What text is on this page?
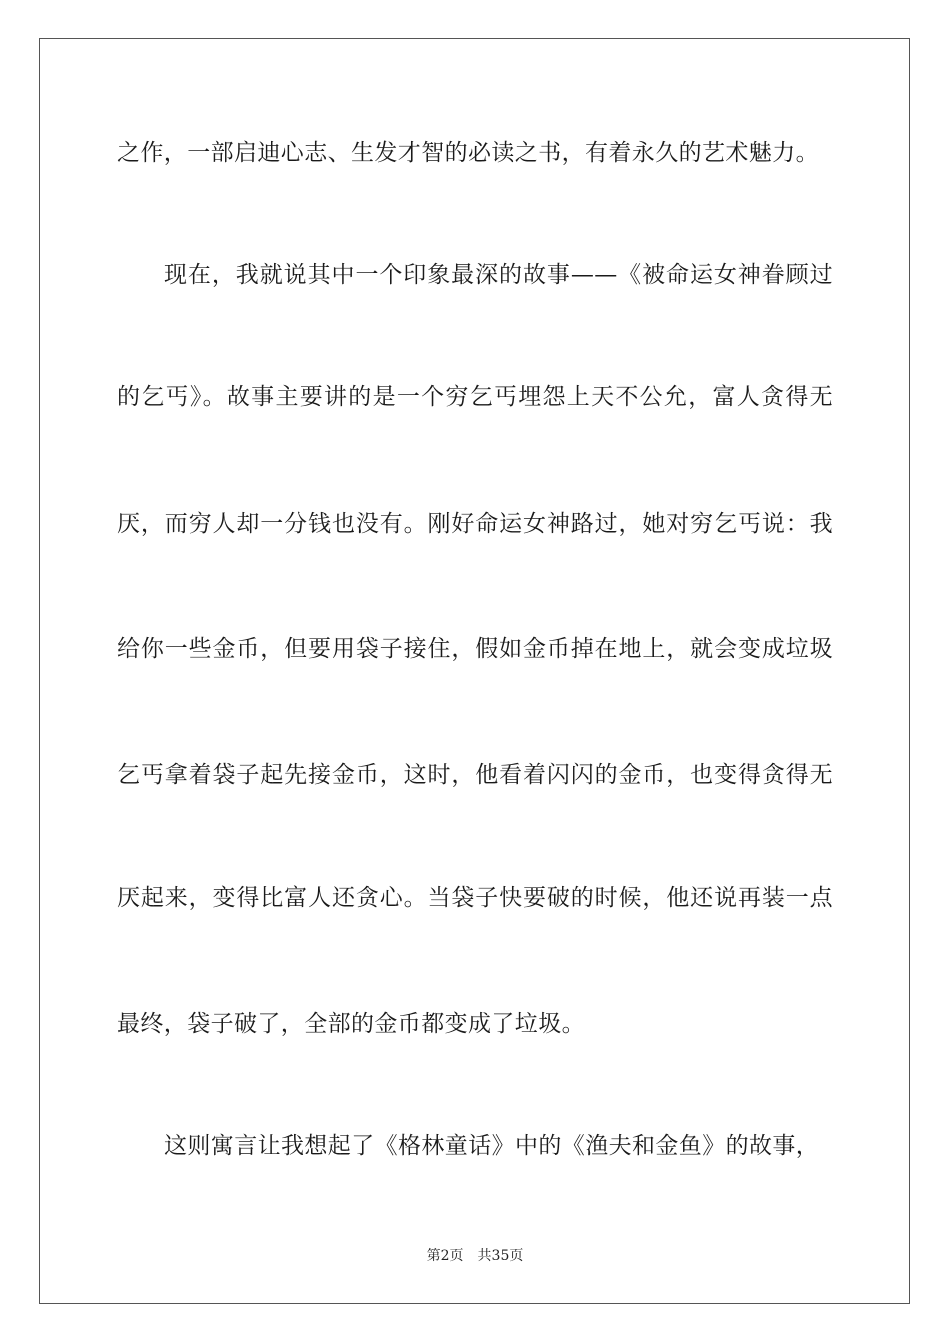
之作，一部启迪心志、生发才智的必读之书，有着永久的艺术魅力。
现在，我就说其中一个印象最深的故事——《被命运女神眷顾过
的乞丐》。故事主要讲的是一个穷乞丐埋怨上天不公允，富人贪得无
厌，而穷人却一分钱也没有。刚好命运女神路过，她对穷乞丐说：我
给你一些金币，但要用袋子接住，假如金币掉在地上，就会变成垃圾
乞丐拿着袋子起先接金币，这时，他看着闪闪的金币，也变得贪得无
厌起来，变得比富人还贪心。当袋子快要破的时候，他还说再装一点
最终，袋子破了，全部的金币都变成了垃圾。
这则寓言让我想起了《格林童话》中的《渔夫和金鱼》的故事，
第2页 共35页
